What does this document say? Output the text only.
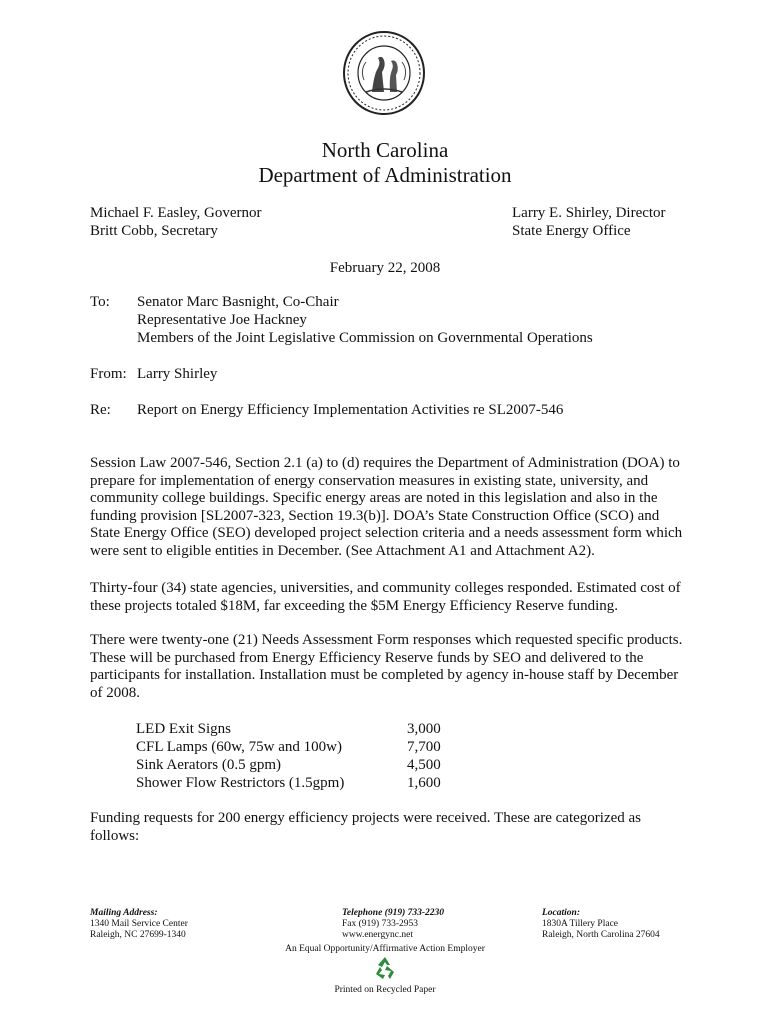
North Carolina
Department of Administration
Michael F. Easley, Governor
Britt Cobb, Secretary
Larry E. Shirley, Director
State Energy Office
February 22, 2008
To: Senator Marc Basnight, Co-Chair
Representative Joe Hackney
Members of the Joint Legislative Commission on Governmental Operations
From: Larry Shirley
Re: Report on Energy Efficiency Implementation Activities re SL2007-546
Session Law 2007-546, Section 2.1 (a) to (d) requires the Department of Administration (DOA) to prepare for implementation of energy conservation measures in existing state, university, and community college buildings. Specific energy areas are noted in this legislation and also in the funding provision [SL2007-323, Section 19.3(b)]. DOA’s State Construction Office (SCO) and State Energy Office (SEO) developed project selection criteria and a needs assessment form which were sent to eligible entities in December. (See Attachment A1 and Attachment A2).
Thirty-four (34) state agencies, universities, and community colleges responded. Estimated cost of these projects totaled $18M, far exceeding the $5M Energy Efficiency Reserve funding.
There were twenty-one (21) Needs Assessment Form responses which requested specific products. These will be purchased from Energy Efficiency Reserve funds by SEO and delivered to the participants for installation. Installation must be completed by agency in-house staff by December of 2008.
LED Exit Signs	3,000
CFL Lamps (60w, 75w and 100w)	7,700
Sink Aerators (0.5 gpm)	4,500
Shower Flow Restrictors (1.5gpm)	1,600
Funding requests for 200 energy efficiency projects were received. These are categorized as follows:
Mailing Address:
1340 Mail Service Center
Raleigh, NC 27699-1340
Telephone (919) 733-2230
Fax (919) 733-2953
www.energync.net
Location:
1830A Tillery Place
Raleigh, North Carolina 27604
An Equal Opportunity/Affirmative Action Employer
Printed on Recycled Paper
